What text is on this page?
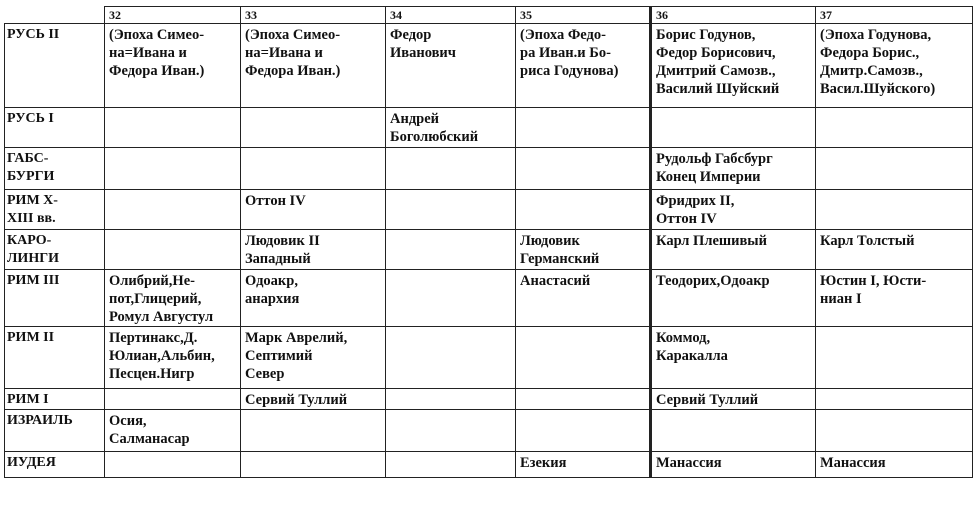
	32	33	34	35	36	37
РУСЬ II	(Эпоха Симео-
на=Ивана и
Федора Иван.)	(Эпоха Симео-
на=Ивана и
Федора Иван.)	Федор
Иванович	(Эпоха Федо-
ра Иван.и Бо-
риса Годунова)	Борис Годунов,
Федор Борисович,
Дмитрий Самозв.,
Василий Шуйский	(Эпоха Годунова,
Федора Борис.,
Дмитр.Самозв.,
Васил.Шуйского)
РУСЬ I			Андрей
Боголюбский			
ГАБС-
БУРГИ					Рудольф Габсбург
Конец Империи	
РИМ X-
XIII вв.		Оттон IV			Фридрих II,
Оттон IV	
КАРО-
ЛИНГИ		Людовик II
Западный		Людовик
Германский	Карл Плешивый	Карл Толстый
РИМ III	Олибрий,Не-
пот,Глицерий,
Ромул Августул	Одоакр,
анархия		Анастасий	Теодорих,Одоакр	Юстин I, Юсти-
ниан I
РИМ II	Пертинакс,Д.
Юлиан,Альбин,
Песцен.Нигр	Марк Аврелий,
Септимий
Север			Коммод,
Каракалла	
РИМ I		Сервий Туллий			Сервий Туллий	
ИЗРАИЛЬ	Осия,
Салманасар					
ИУДЕЯ				Езекия	Манассия	Манассия
